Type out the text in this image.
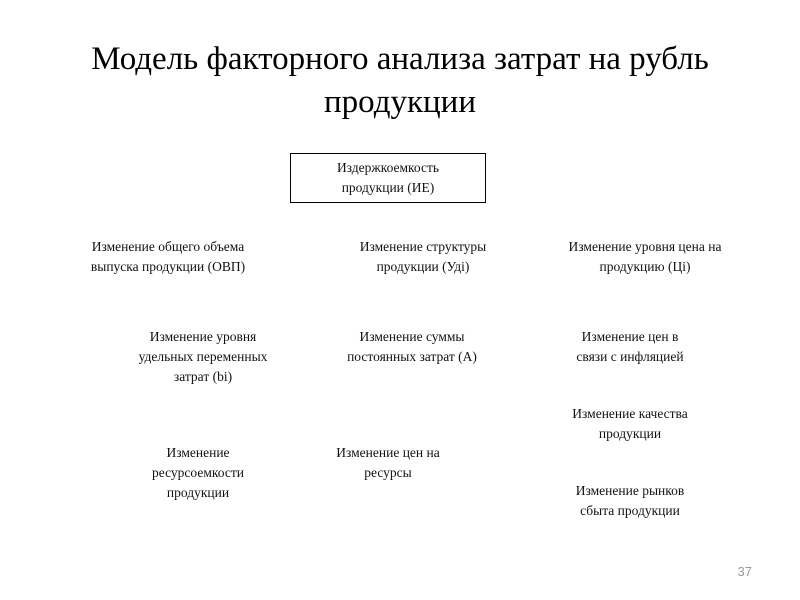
Модель факторного анализа затрат на рубль продукции
Издержкоемкость
продукции (ИЕ)
Изменение общего объема
выпуска продукции (ОВП)
Изменение структуры
продукции (Удi)
Изменение уровня цена на
продукцию (Цi)
Изменение уровня
удельных переменных
затрат (bi)
Изменение суммы
постоянных затрат (А)
Изменение цен в
связи с инфляцией
Изменение качества
продукции
Изменение
ресурсоемкости
продукции
Изменение цен на
ресурсы
Изменение рынков
сбыта продукции
37
